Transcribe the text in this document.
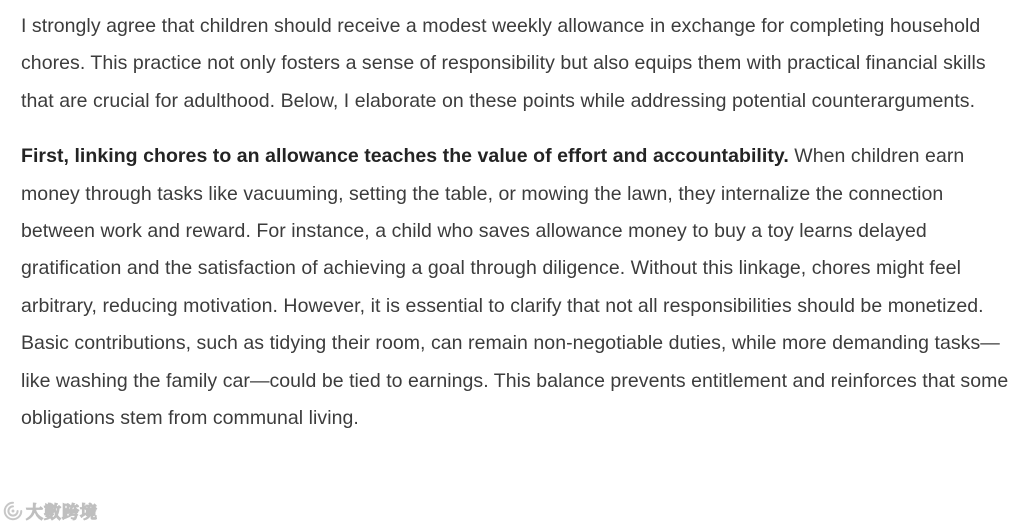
I strongly agree that children should receive a modest weekly allowance in exchange for completing household chores. This practice not only fosters a sense of responsibility but also equips them with practical financial skills that are crucial for adulthood. Below, I elaborate on these points while addressing potential counterarguments.

First, linking chores to an allowance teaches the value of effort and accountability. When children earn money through tasks like vacuuming, setting the table, or mowing the lawn, they internalize the connection between work and reward. For instance, a child who saves allowance money to buy a toy learns delayed gratification and the satisfaction of achieving a goal through diligence. Without this linkage, chores might feel arbitrary, reducing motivation. However, it is essential to clarify that not all responsibilities should be monetized. Basic contributions, such as tidying their room, can remain non-negotiable duties, while more demanding tasks—like washing the family car—could be tied to earnings. This balance prevents entitlement and reinforces that some obligations stem from communal living.

大數跨境
